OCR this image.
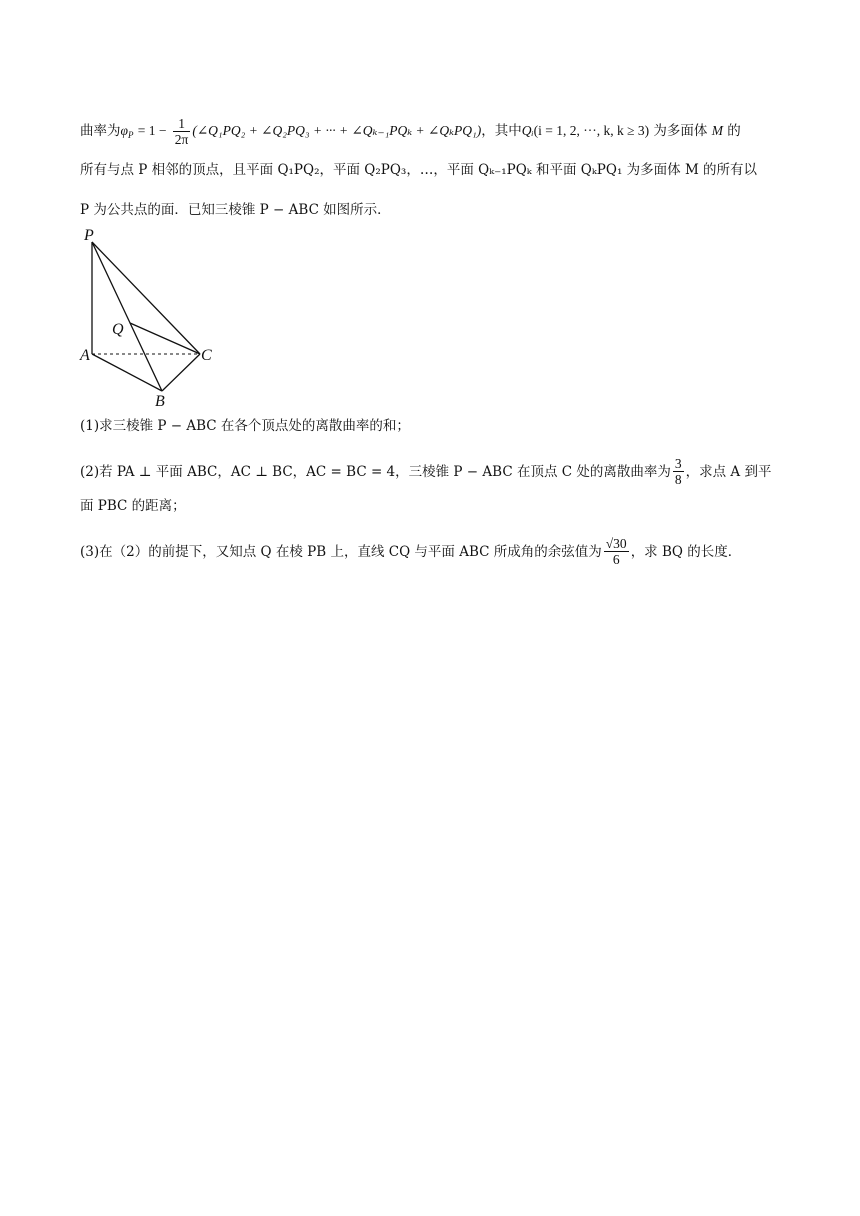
曲率为$\varphi_P = 1 - \frac{1}{2\pi}$ (∠Q₁PQ₂ + ∠Q₂PQ₃ + ··· + ∠Qₖ₋₁PQₖ + ∠QₖPQ₁)，其中Qᵢ(i = 1, 2, ···, k, k ≥ 3) 为多面体 M 的
所有与点 P 相邻的顶点，且平面 Q₁PQ₂，平面 Q₂PQ₃，…，平面 Qₖ₋₁PQₖ 和平面 QₖPQ₁ 为多面体 M 的所有以
P 为公共点的面．已知三棱锥 P − ABC 如图所示．
P
Q
A	C
B
(1)求三棱锥 P − ABC 在各个顶点处的离散曲率的和；
(2)若 PA ⊥ 平面 ABC，AC ⊥ BC，AC = BC = 4，三棱锥 P − ABC 在顶点 C 处的离散曲率为 $\frac{3}{8}$ ，求点 A 到平
面 PBC 的距离；
(3)在（2）的前提下，又知点 Q 在棱 PB 上，直线 CQ 与平面 ABC 所成角的余弦值为 $\frac{√30}{6}$ ，求 BQ 的长度．
